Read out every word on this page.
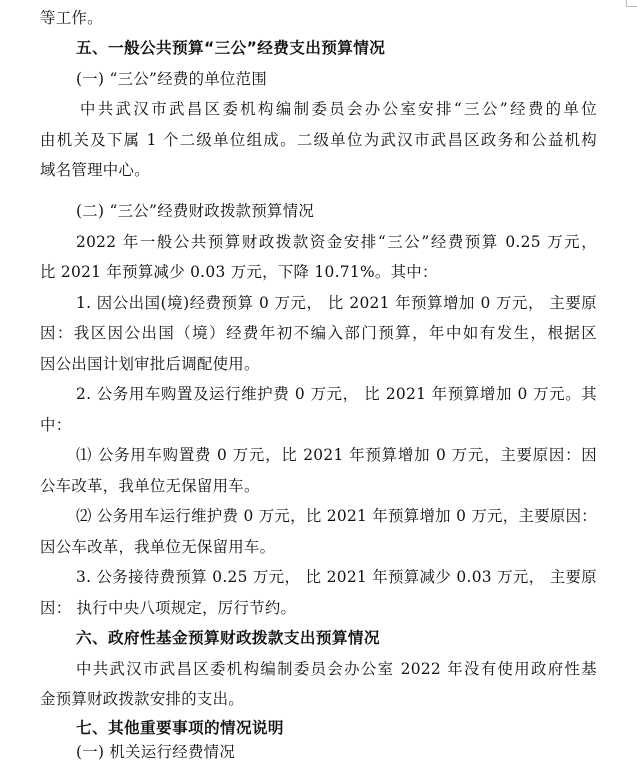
等工作。
五、一般公共预算“三公”经费支出预算情况
(一) “三公”经费的单位范围
中共武汉市武昌区委机构编制委员会办公室安排“三公”经费的单位
由机关及下属 1 个二级单位组成。二级单位为武汉市武昌区政务和公益机构
域名管理中心。
(二) “三公”经费财政拨款预算情况
2022 年一般公共预算财政拨款资金安排“三公”经费预算 0.25 万元，
比 2021 年预算减少 0.03 万元，下降 10.71%。其中：
1. 因公出国(境)经费预算 0 万元， 比 2021 年预算增加 0 万元， 主要原
因：我区因公出国（境）经费年初不编入部门预算，年中如有发生，根据区
因公出国计划审批后调配使用。
2. 公务用车购置及运行维护费 0 万元， 比 2021 年预算增加 0 万元。其
中：
⑴ 公务用车购置费 0 万元，比 2021 年预算增加 0 万元，主要原因：因
公车改革，我单位无保留用车。
⑵ 公务用车运行维护费 0 万元，比 2021 年预算增加 0 万元，主要原因：
因公车改革，我单位无保留用车。
3. 公务接待费预算 0.25 万元， 比 2021 年预算减少 0.03 万元， 主要原
因： 执行中央八项规定，厉行节约。
六、政府性基金预算财政拨款支出预算情况
中共武汉市武昌区委机构编制委员会办公室 2022 年没有使用政府性基
金预算财政拨款安排的支出。
七、其他重要事项的情况说明
(一) 机关运行经费情况
